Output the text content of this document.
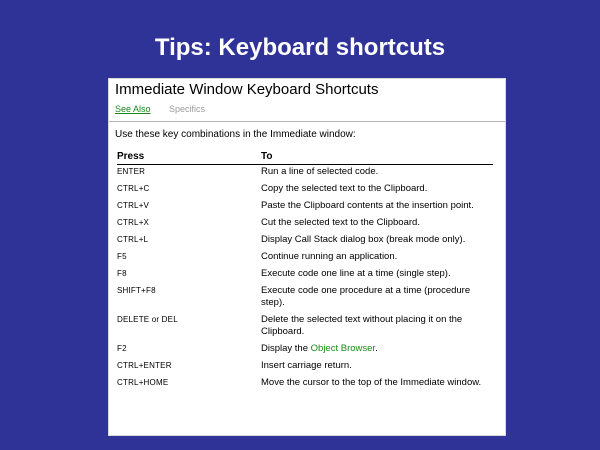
Tips: Keyboard shortcuts
Immediate Window Keyboard Shortcuts
See Also Specifics
Use these key combinations in the Immediate window:
Press	To
ENTER	Run a line of selected code.
CTRL+C	Copy the selected text to the Clipboard.
CTRL+V	Paste the Clipboard contents at the insertion point.
CTRL+X	Cut the selected text to the Clipboard.
CTRL+L	Display Call Stack dialog box (break mode only).
F5	Continue running an application.
F8	Execute code one line at a time (single step).
SHIFT+F8	Execute code one procedure at a time (procedure step).
DELETE or DEL	Delete the selected text without placing it on the Clipboard.
F2	Display the Object Browser.
CTRL+ENTER	Insert carriage return.
CTRL+HOME	Move the cursor to the top of the Immediate window.
